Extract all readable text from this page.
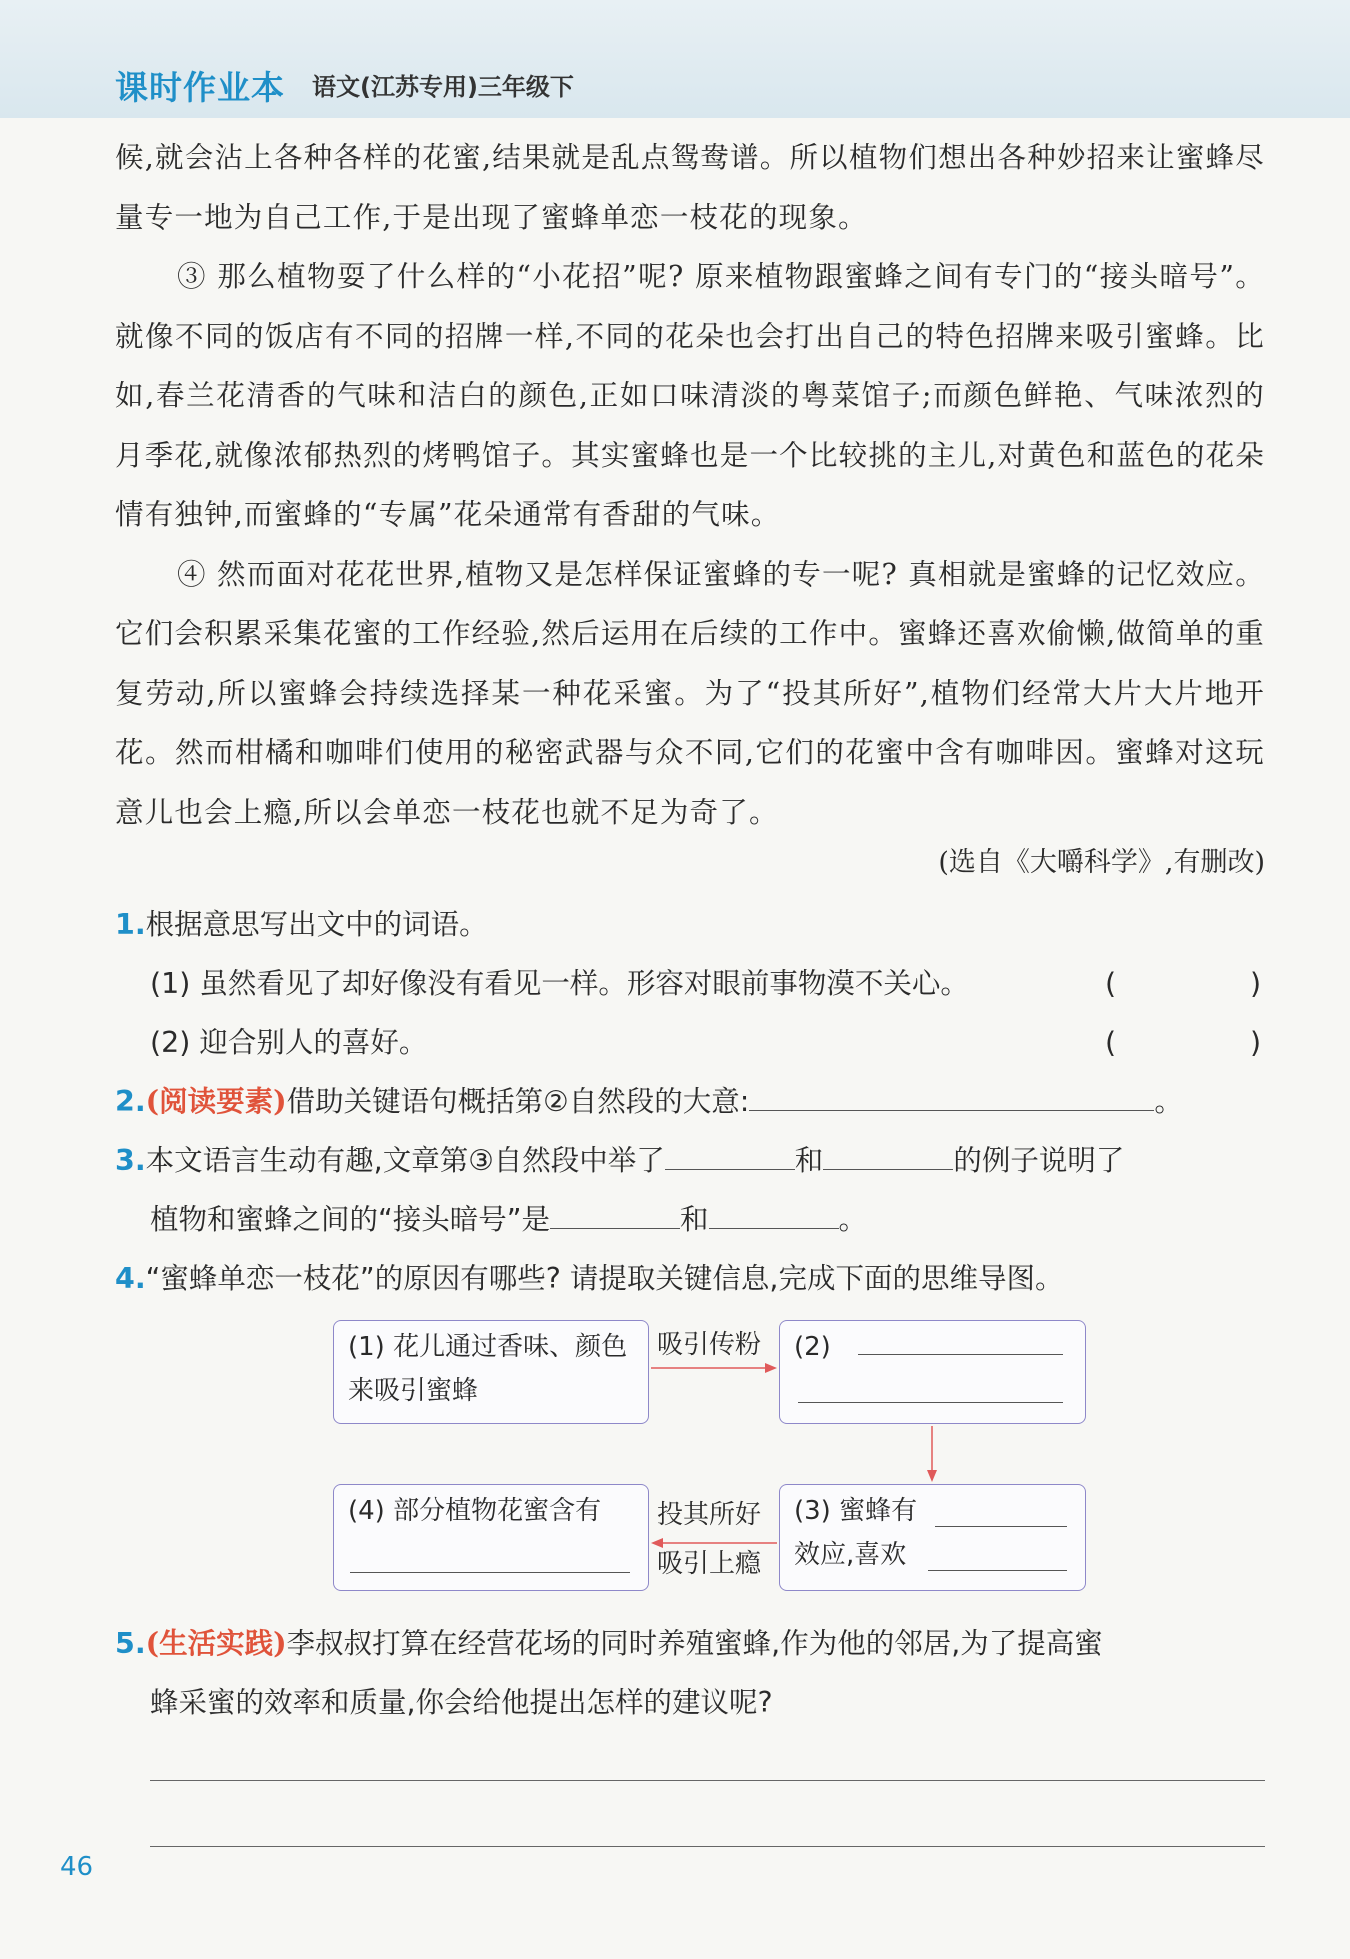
课时作业本 语文(江苏专用)三年级下

候,就会沾上各种各样的花蜜,结果就是乱点鸳鸯谱。所以植物们想出各种妙招来让蜜蜂尽量专一地为自己工作,于是出现了蜜蜂单恋一枝花的现象。

③ 那么植物耍了什么样的“小花招”呢? 原来植物跟蜜蜂之间有专门的“接头暗号”。就像不同的饭店有不同的招牌一样,不同的花朵也会打出自己的特色招牌来吸引蜜蜂。比如,春兰花清香的气味和洁白的颜色,正如口味清淡的粤菜馆子;而颜色鲜艳、气味浓烈的月季花,就像浓郁热烈的烤鸭馆子。其实蜜蜂也是一个比较挑的主儿,对黄色和蓝色的花朵情有独钟,而蜜蜂的“专属”花朵通常有香甜的气味。

④ 然而面对花花世界,植物又是怎样保证蜜蜂的专一呢? 真相就是蜜蜂的记忆效应。它们会积累采集花蜜的工作经验,然后运用在后续的工作中。蜜蜂还喜欢偷懒,做简单的重复劳动,所以蜜蜂会持续选择某一种花采蜜。为了“投其所好”,植物们经常大片大片地开花。然而柑橘和咖啡们使用的秘密武器与众不同,它们的花蜜中含有咖啡因。蜜蜂对这玩意儿也会上瘾,所以会单恋一枝花也就不足为奇了。

(选自《大嚼科学》,有删改)
1.根据意思写出文中的词语。
(1) 虽然看见了却好像没有看见一样。形容对眼前事物漠不关心。	(	)
(2) 迎合别人的喜好。	(	)
2.(阅读要素)借助关键语句概括第②自然段的大意:	。
3.本文语言生动有趣,文章第③自然段中举了	和	的例子说明了
植物和蜜蜂之间的“接头暗号”是	和	。
4.“蜜蜂单恋一枝花”的原因有哪些? 请提取关键信息,完成下面的思维导图。
(1) 花儿通过香味、颜色来吸引蜜蜂
吸引传粉	(2)
(3) 蜜蜂有
效应,喜欢
投其所好
吸引上瘾
(4) 部分植物花蜜含有
5.(生活实践)李叔叔打算在经营花场的同时养殖蜜蜂,作为他的邻居,为了提高蜜
蜂采蜜的效率和质量,你会给他提出怎样的建议呢?
46
